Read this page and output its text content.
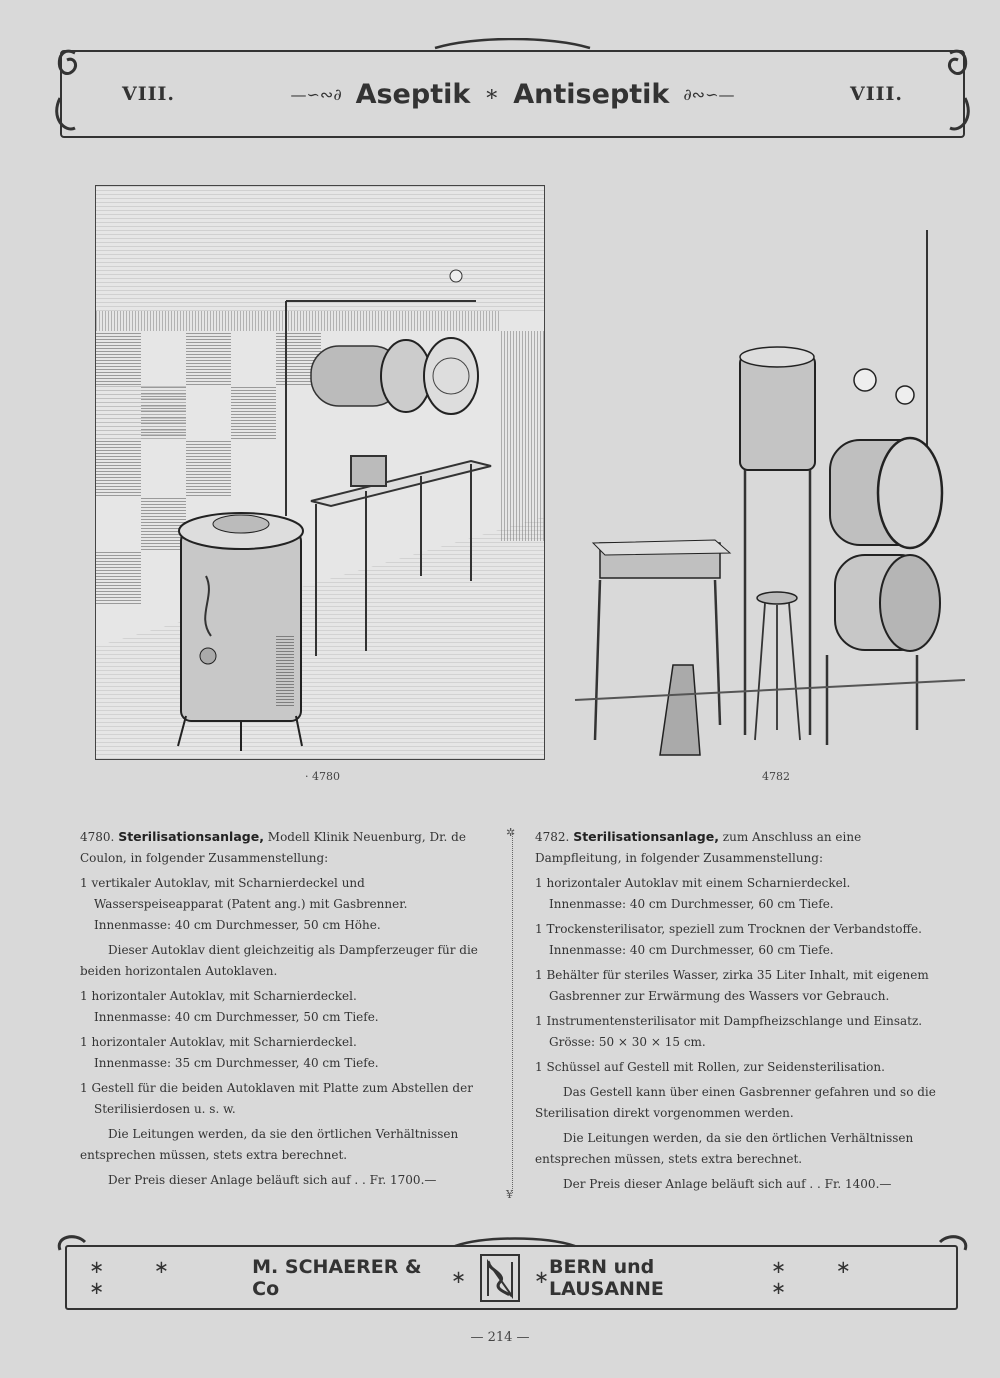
VIII.	—∽∾∂ Aseptik ∗ Antiseptik ∂∾∽—	VIII.
· 4780	4782

4780. Sterilisationsanlage, Modell Klinik Neuenburg, Dr. de Coulon, in folgender Zusammenstellung:

1 vertikaler Autoklav, mit Scharnierdeckel und Wasserspeiseapparat (Patent ang.) mit Gasbrenner.
Innenmasse: 40 cm Durchmesser, 50 cm Höhe.

Dieser Autoklav dient gleichzeitig als Dampferzeuger für die beiden horizontalen Autoklaven.

1 horizontaler Autoklav, mit Scharnierdeckel.
Innenmasse: 40 cm Durchmesser, 50 cm Tiefe.

1 horizontaler Autoklav, mit Scharnierdeckel.
Innenmasse: 35 cm Durchmesser, 40 cm Tiefe.

1 Gestell für die beiden Autoklaven mit Platte zum Abstellen der Sterilisierdosen u. s. w.

Die Leitungen werden, da sie den örtlichen Verhältnissen entsprechen müssen, stets extra berechnet.

Der Preis dieser Anlage beläuft sich auf . . Fr. 1700.—

✲
¥

4782. Sterilisationsanlage, zum Anschluss an eine Dampfleitung, in folgender Zusammenstellung:

1 horizontaler Autoklav mit einem Scharnierdeckel.
Innenmasse: 40 cm Durchmesser, 60 cm Tiefe.

1 Trockensterilisator, speziell zum Trocknen der Verbandstoffe. Innenmasse: 40 cm Durchmesser, 60 cm Tiefe.

1 Behälter für steriles Wasser, zirka 35 Liter Inhalt, mit eigenem Gasbrenner zur Erwärmung des Wassers vor Gebrauch.

1 Instrumentensterilisator mit Dampfheizschlange und Einsatz. Grösse: 50 × 30 × 15 cm.

1 Schüssel auf Gestell mit Rollen, zur Seidensterilisation.

Das Gestell kann über einen Gasbrenner gefahren und so die Sterilisation direkt vorgenommen werden.

Die Leitungen werden, da sie den örtlichen Verhältnissen entsprechen müssen, stets extra berechnet.

Der Preis dieser Anlage beläuft sich auf . . Fr. 1400.—

∗ ∗ ∗
M. SCHAERER & Co	∗	∗ BERN und LAUSANNE
∗ ∗ ∗
— 214 —
